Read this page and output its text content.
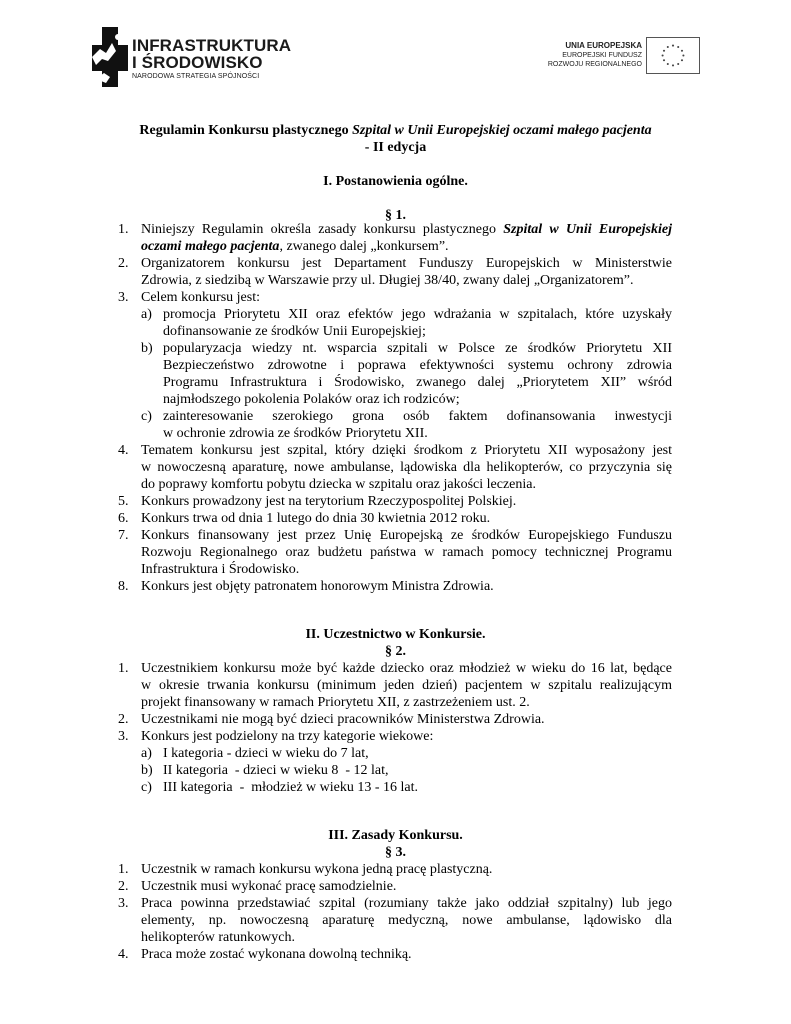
INFRASTRUKTURA
I ŚRODOWISKO
NARODOWA STRATEGIA SPÓJNOŚCI
UNIA EUROPEJSKA
EUROPEJSKI FUNDUSZ
ROZWOJU REGIONALNEGO
Regulamin Konkursu plastycznego Szpital w Unii Europejskiej oczami małego pacjenta
- II edycja
I. Postanowienia ogólne.
§ 1.
1. Niniejszy Regulamin określa zasady konkursu plastycznego Szpital w Unii Europejskiej
oczami małego pacjenta, zwanego dalej „konkursem”.
2. Organizatorem konkursu jest Departament Funduszy Europejskich w Ministerstwie
Zdrowia, z siedzibą w Warszawie przy ul. Długiej 38/40, zwany dalej „Organizatorem”.
3. Celem konkursu jest:
a) promocja Priorytetu XII oraz efektów jego wdrażania w szpitalach, które uzyskały
dofinansowanie ze środków Unii Europejskiej;
b) popularyzacja wiedzy nt. wsparcia szpitali w Polsce ze środków Priorytetu XII
Bezpieczeństwo zdrowotne i poprawa efektywności systemu ochrony zdrowia
Programu Infrastruktura i Środowisko, zwanego dalej „Priorytetem XII” wśród
najmłodszego pokolenia Polaków oraz ich rodziców;
c) zainteresowanie szerokiego grona osób faktem dofinansowania inwestycji
w ochronie zdrowia ze środków Priorytetu XII.
4. Tematem konkursu jest szpital, który dzięki środkom z Priorytetu XII wyposażony jest
w nowoczesną aparaturę, nowe ambulanse, lądowiska dla helikopterów, co przyczynia się
do poprawy komfortu pobytu dziecka w szpitalu oraz jakości leczenia.
5. Konkurs prowadzony jest na terytorium Rzeczypospolitej Polskiej.
6. Konkurs trwa od dnia 1 lutego do dnia 30 kwietnia 2012 roku.
7. Konkurs finansowany jest przez Unię Europejską ze środków Europejskiego Funduszu
Rozwoju Regionalnego oraz budżetu państwa w ramach pomocy technicznej Programu
Infrastruktura i Środowisko.
8. Konkurs jest objęty patronatem honorowym Ministra Zdrowia.
II. Uczestnictwo w Konkursie.
§ 2.
1. Uczestnikiem konkursu może być każde dziecko oraz młodzież w wieku do 16 lat, będące
w okresie trwania konkursu (minimum jeden dzień) pacjentem w szpitalu realizującym
projekt finansowany w ramach Priorytetu XII, z zastrzeżeniem ust. 2.
2. Uczestnikami nie mogą być dzieci pracowników Ministerstwa Zdrowia.
3. Konkurs jest podzielony na trzy kategorie wiekowe:
a) I kategoria - dzieci w wieku do 7 lat,
b) II kategoria  - dzieci w wieku 8  - 12 lat,
c) III kategoria  -  młodzież w wieku 13 - 16 lat.
III. Zasady Konkursu.
§ 3.
1. Uczestnik w ramach konkursu wykona jedną pracę plastyczną.
2. Uczestnik musi wykonać pracę samodzielnie.
3. Praca powinna przedstawiać szpital (rozumiany także jako oddział szpitalny) lub jego
elementy, np. nowoczesną aparaturę medyczną, nowe ambulanse, lądowisko dla
helikopterów ratunkowych.
4. Praca może zostać wykonana dowolną techniką.
